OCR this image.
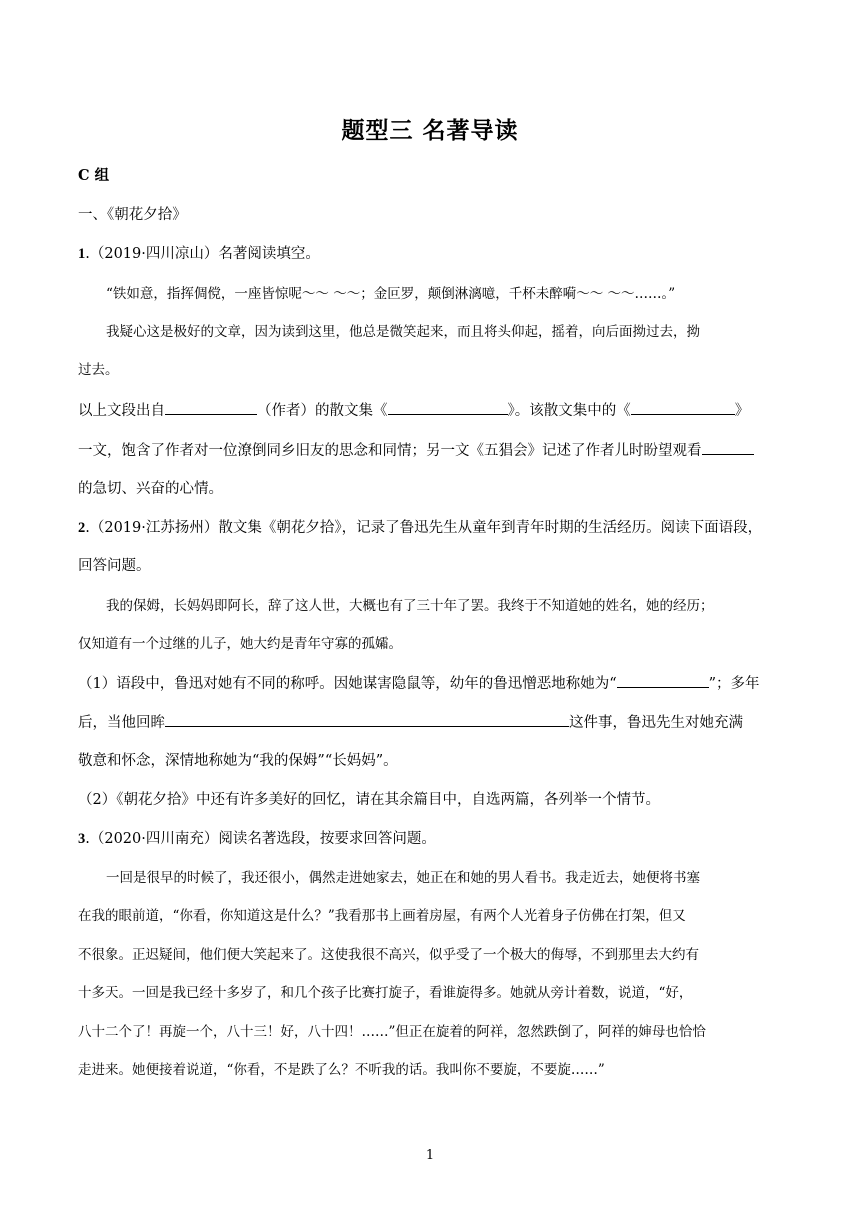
题型三 名著导读
C 组
一、《朝花夕拾》
1.（2019·四川凉山）名著阅读填空。
“铁如意，指挥倜傥，一座皆惊呢～～ ～～；金叵罗，颠倒淋漓噫，千杯未醉嗬～～ ～～……。”
我疑心这是极好的文章，因为读到这里，他总是微笑起来，而且将头仰起，摇着，向后面拗过去，拗
过去。
以上文段出自	（作者）的散文集《	》。该散文集中的《	》
一文，饱含了作者对一位潦倒同乡旧友的思念和同情；另一文《五猖会》记述了作者儿时盼望观看
的急切、兴奋的心情。
2.（2019·江苏扬州）散文集《朝花夕拾》，记录了鲁迅先生从童年到青年时期的生活经历。阅读下面语段，
回答问题。
我的保姆，长妈妈即阿长，辞了这人世，大概也有了三十年了罢。我终于不知道她的姓名，她的经历；
仅知道有一个过继的儿子，她大约是青年守寡的孤孀。
（1）语段中，鲁迅对她有不同的称呼。因她谋害隐鼠等，幼年的鲁迅憎恶地称她为“	”；多年
后，当他回眸	这件事，鲁迅先生对她充满
敬意和怀念，深情地称她为“我的保姆”“长妈妈”。
（2）《朝花夕拾》中还有许多美好的回忆，请在其余篇目中，自选两篇，各列举一个情节。
3.（2020·四川南充）阅读名著选段，按要求回答问题。
一回是很早的时候了，我还很小，偶然走进她家去，她正在和她的男人看书。我走近去，她便将书塞
在我的眼前道，“你看，你知道这是什么？”我看那书上画着房屋，有两个人光着身子仿佛在打架，但又
不很象。正迟疑间，他们便大笑起来了。这使我很不高兴，似乎受了一个极大的侮辱，不到那里去大约有
十多天。一回是我已经十多岁了，和几个孩子比赛打旋子，看谁旋得多。她就从旁计着数，说道，“好，
八十二个了！再旋一个，八十三！好，八十四！……”但正在旋着的阿祥，忽然跌倒了，阿祥的婶母也恰恰
走进来。她便接着说道，“你看，不是跌了么？不听我的话。我叫你不要旋，不要旋……”
1
